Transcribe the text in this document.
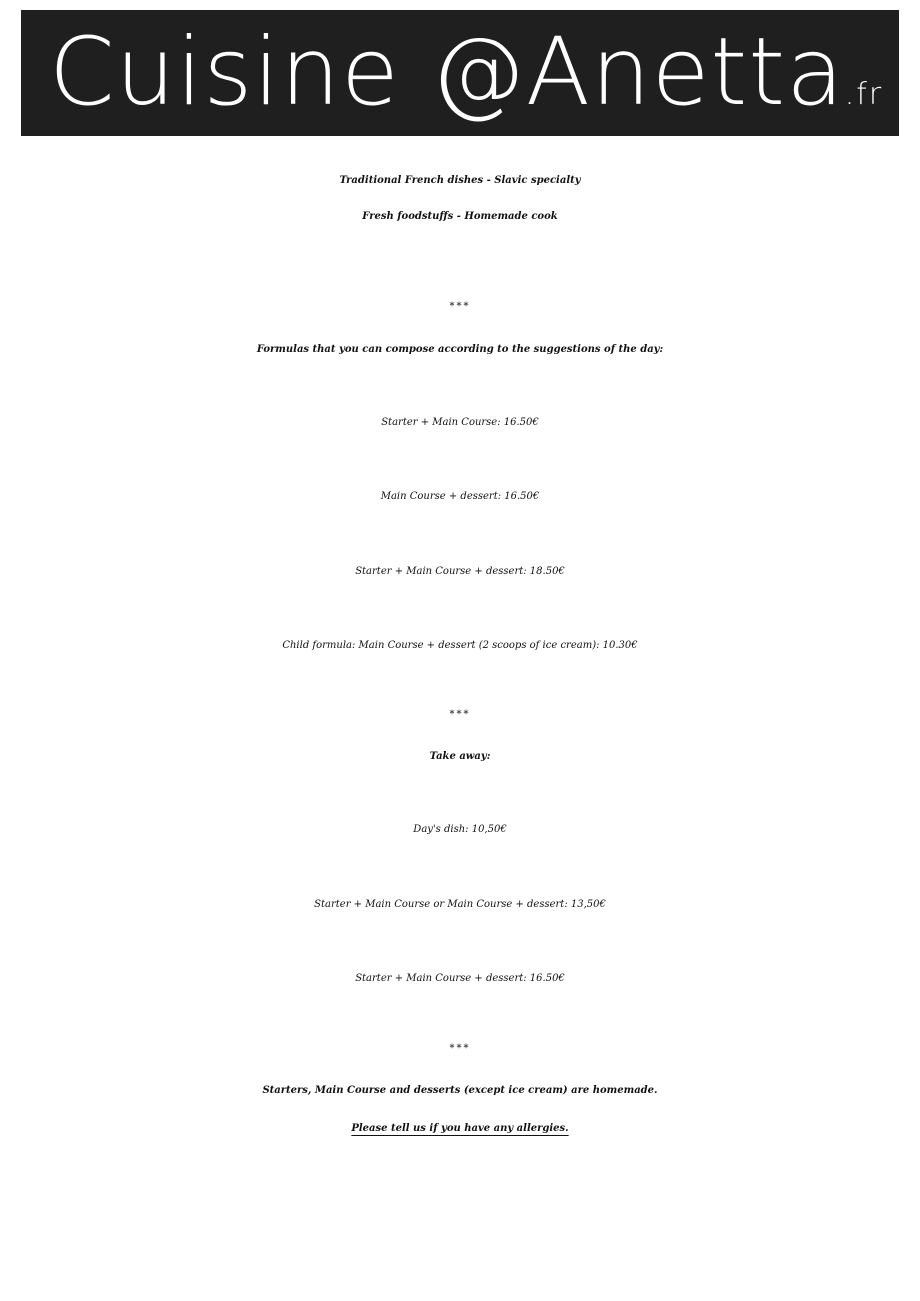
Cuisine @Anetta.fr
Traditional French dishes - Slavic specialty
Fresh foodstuffs - Homemade cook
***
Formulas that you can compose according to the suggestions of the day:
Starter + Main Course: 16.50€
Main Course + dessert: 16.50€
Starter + Main Course + dessert: 18.50€
Child formula: Main Course + dessert (2 scoops of ice cream): 10.30€
***
Take away:
Day's dish: 10,50€
Starter + Main Course or Main Course + dessert: 13,50€
Starter + Main Course + dessert: 16.50€
***
Starters, Main Course and desserts (except ice cream) are homemade.
Please tell us if you have any allergies.
